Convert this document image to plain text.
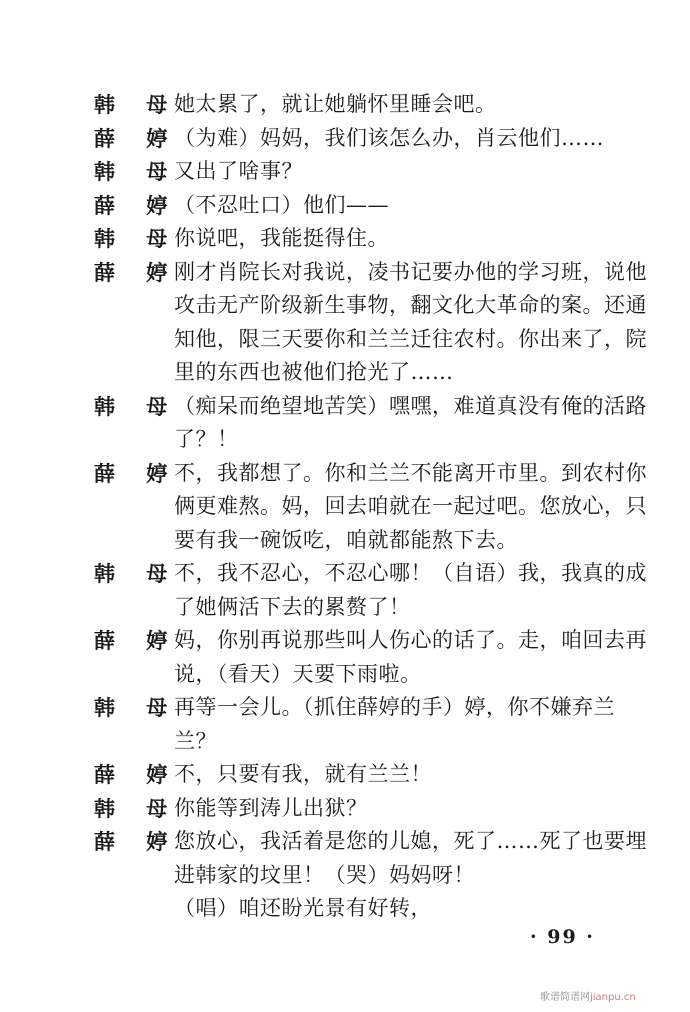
韩 母
她太累了，就让她躺怀里睡会吧。
薛 婷
（为难）妈妈，我们该怎么办，肖云他们……
韩 母
又出了啥事？
薛 婷
（不忍吐口）他们——
韩 母
你说吧，我能挺得住。
薛 婷
刚才肖院长对我说，凌书记要办他的学习班，说他
攻击无产阶级新生事物，翻文化大革命的案。还通
知他，限三天要你和兰兰迁往农村。你出来了，院
里的东西也被他们抢光了……
韩 母
（痴呆而绝望地苦笑）嘿嘿，难道真没有俺的活路
了？！
薛 婷
不，我都想了。你和兰兰不能离开市里。到农村你
俩更难熬。妈，回去咱就在一起过吧。您放心，只
要有我一碗饭吃，咱就都能熬下去。
韩 母
不，我不忍心，不忍心哪！（自语）我，我真的成
了她俩活下去的累赘了！
薛 婷
妈，你别再说那些叫人伤心的话了。走，咱回去再
说，（看天）天要下雨啦。
韩 母
再等一会儿。（抓住薛婷的手）婷，你不嫌弃兰兰？
薛 婷
不，只要有我，就有兰兰！
韩 母
你能等到涛儿出狱？
薛 婷
您放心，我活着是您的儿媳，死了……死了也要埋
进韩家的坟里！（哭）妈妈呀！
（唱）咱还盼光景有好转，
· 99 ·
歌谱简谱网jianpu.cn
